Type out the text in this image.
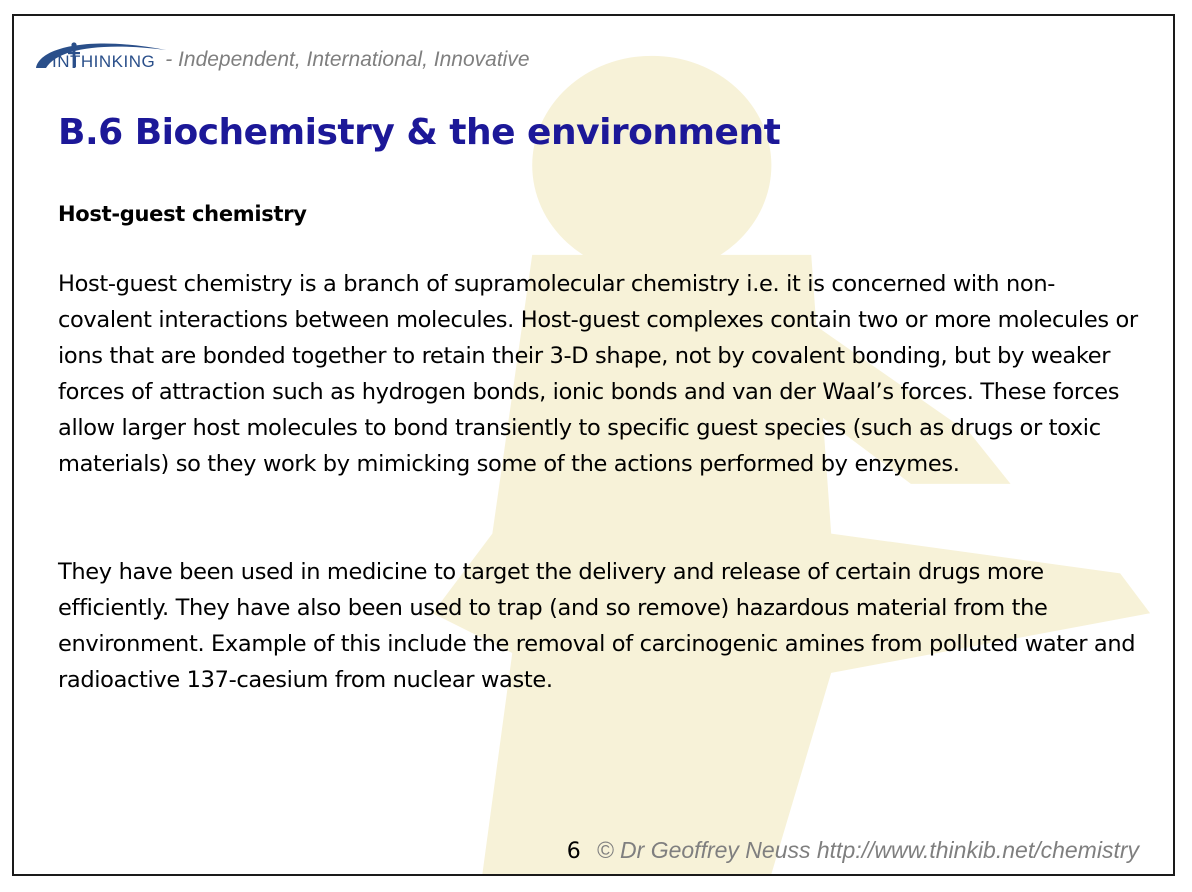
INTHINKING - Independent, International, Innovative
B.6 Biochemistry & the environment
Host-guest chemistry

Host-guest chemistry is a branch of supramolecular chemistry i.e. it is concerned with non-covalent interactions between molecules. Host-guest complexes contain two or more molecules or ions that are bonded together to retain their 3-D shape, not by covalent bonding, but by weaker forces of attraction such as hydrogen bonds, ionic bonds and van der Waal’s forces. These forces allow larger host molecules to bond transiently to specific guest species (such as drugs or toxic materials) so they work by mimicking some of the actions performed by enzymes.

They have been used in medicine to target the delivery and release of certain drugs more efficiently. They have also been used to trap (and so remove) hazardous material from the environment. Example of this include the removal of carcinogenic amines from polluted water and radioactive 137-caesium from nuclear waste.

6 © Dr Geoffrey Neuss http://www.thinkib.net/chemistry
